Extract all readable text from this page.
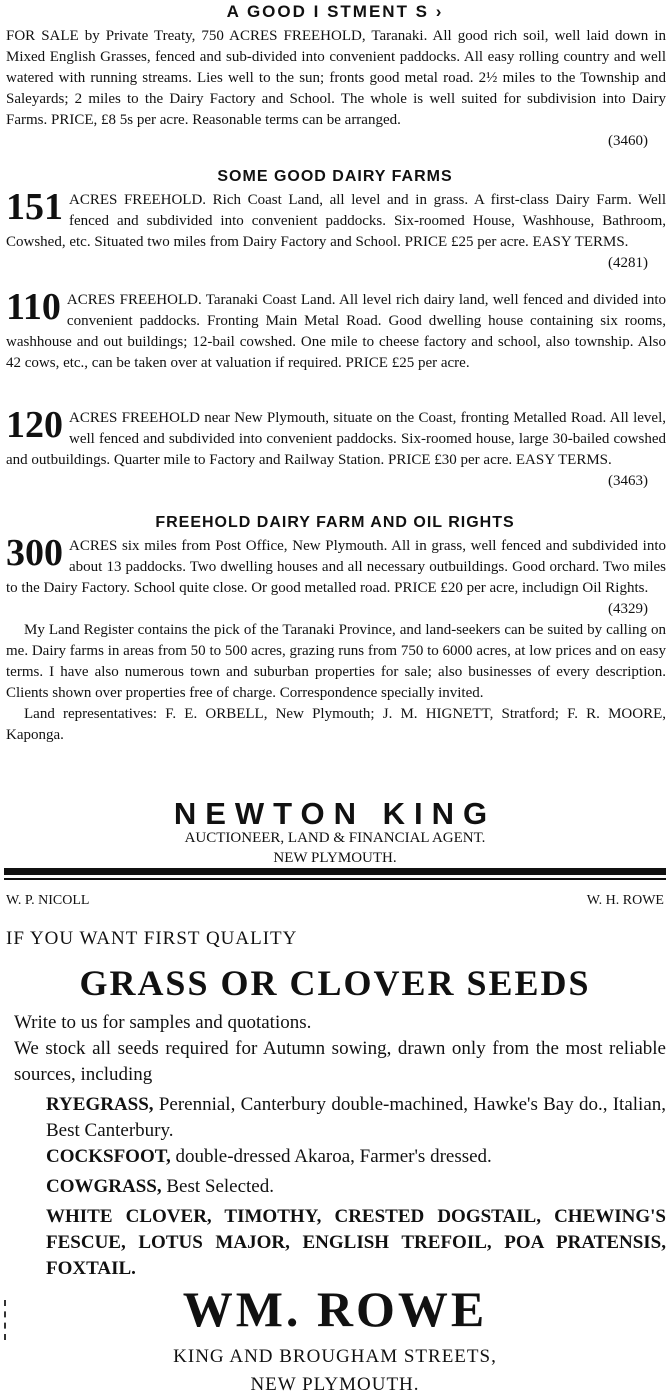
A GOOD I STMENT S ›

FOR SALE by Private Treaty, 750 ACRES FREEHOLD, Taranaki. All good rich soil, well laid down in Mixed English Grasses, fenced and sub-divided into convenient paddocks. All easy rolling country and well watered with running streams. Lies well to the sun; fronts good metal road. 2½ miles to the Township and Saleyards; 2 miles to the Dairy Factory and School. The whole is well suited for subdivision into Dairy Farms. PRICE, £8 5s per acre. Reasonable terms can be arranged.

(3460)
SOME GOOD DAIRY FARMS
151 ACRES FREEHOLD. Rich Coast Land, all level and in grass. A first-class Dairy Farm. Well fenced and subdivided into convenient paddocks. Six-roomed House, Washhouse, Bathroom, Cowshed, etc. Situated two miles from Dairy Factory and School. PRICE £25 per acre. EASY TERMS.

(4281)
110 ACRES FREEHOLD. Taranaki Coast Land. All level rich dairy land, well fenced and divided into convenient paddocks. Fronting Main Metal Road. Good dwelling house containing six rooms, washhouse and out buildings; 12-bail cowshed. One mile to cheese factory and school, also township. Also 42 cows, etc., can be taken over at valuation if required. PRICE £25 per acre.

120 ACRES FREEHOLD near New Plymouth, situate on the Coast, fronting Metalled Road. All level, well fenced and subdivided into convenient paddocks. Six-roomed house, large 30-bailed cowshed and outbuildings. Quarter mile to Factory and Railway Station. PRICE £30 per acre. EASY TERMS.

(3463)
FREEHOLD DAIRY FARM AND OIL RIGHTS
300 ACRES six miles from Post Office, New Plymouth. All in grass, well fenced and subdivided into about 13 paddocks. Two dwelling houses and all necessary outbuildings. Good orchard. Two miles to the Dairy Factory. School quite close. Or good metalled road. PRICE £20 per acre, includign Oil Rights.

(4329)

My Land Register contains the pick of the Taranaki Province, and land-seekers can be suited by calling on me. Dairy farms in areas from 50 to 500 acres, grazing runs from 750 to 6000 acres, at low prices and on easy terms. I have also numerous town and suburban properties for sale; also businesses of every description. Clients shown over properties free of charge. Correspondence specially invited.

Land representatives: F. E. ORBELL, New Plymouth; J. M. HIGNETT, Stratford; F. R. MOORE, Kaponga.

NEWTON KING
AUCTIONEER, LAND & FINANCIAL AGENT.
NEW PLYMOUTH.
W. P. NICOLL	W. H. ROWE
IF YOU WANT FIRST QUALITY
GRASS OR CLOVER SEEDS

Write to us for samples and quotations.

We stock all seeds required for Autumn sowing, drawn only from the most reliable sources, including

RYEGRASS, Perennial, Canterbury double-machined, Hawke's Bay do., Italian, Best Canterbury.

COCKSFOOT, double-dressed Akaroa, Farmer's dressed.

COWGRASS, Best Selected.

WHITE CLOVER, TIMOTHY, CRESTED DOGSTAIL, CHEWING'S FESCUE, LOTUS MAJOR, ENGLISH TREFOIL, POA PRATENSIS, FOXTAIL.

WM. ROWE
KING AND BROUGHAM STREETS,
NEW PLYMOUTH.
